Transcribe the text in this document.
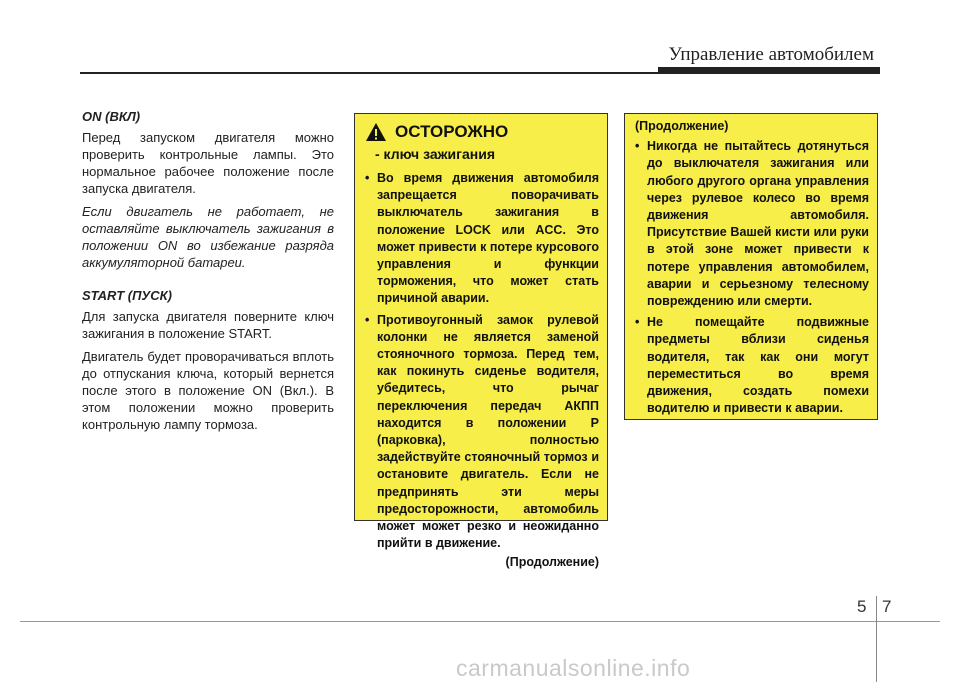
Управление автомобилем

ON (ВКЛ)

Перед запуском двигателя можно проверить контрольные лампы. Это нормальное рабочее положение после запуска двигателя.

Если двигатель не работает, не оставляйте выключатель зажигания в положении ON во избежание разряда аккумуляторной батареи.

START (ПУСК)

Для запуска двигателя поверните ключ зажигания в положение START.

Двигатель будет проворачиваться вплоть до отпускания ключа, который вернется после этого в положение ON (Вкл.). В этом положении можно проверить контрольную лампу тормоза.

ОСТОРОЖНО
- ключ зажигания
• Во время движения автомобиля запрещается поворачивать выключатель зажигания в положение LOCK или ACC. Это может привести к потере курсового управления и функции торможения, что может стать причиной аварии.
• Противоугонный замок рулевой колонки не является заменой стояночного тормоза. Перед тем, как покинуть сиденье водителя, убедитесь, что рычаг переключения передач АКПП находится в положении P (парковка), полностью задействуйте стояночный тормоз и остановите двигатель. Если не предпринять эти меры предосторожности, автомобиль может может резко и неожиданно прийти в движение.
(Продолжение)
(Продолжение)
• Никогда не пытайтесь дотянуться до выключателя зажигания или любого другого органа управления через рулевое колесо во время движения автомобиля. Присутствие Вашей кисти или руки в этой зоне может привести к потере управления автомобилем, аварии и серьезному телесному повреждению или смерти.
• Не помещайте подвижные предметы вблизи сиденья водителя, так как они могут переместиться во время движения, создать помехи водителю и привести к аварии.
5 7
carmanualsonline.info
